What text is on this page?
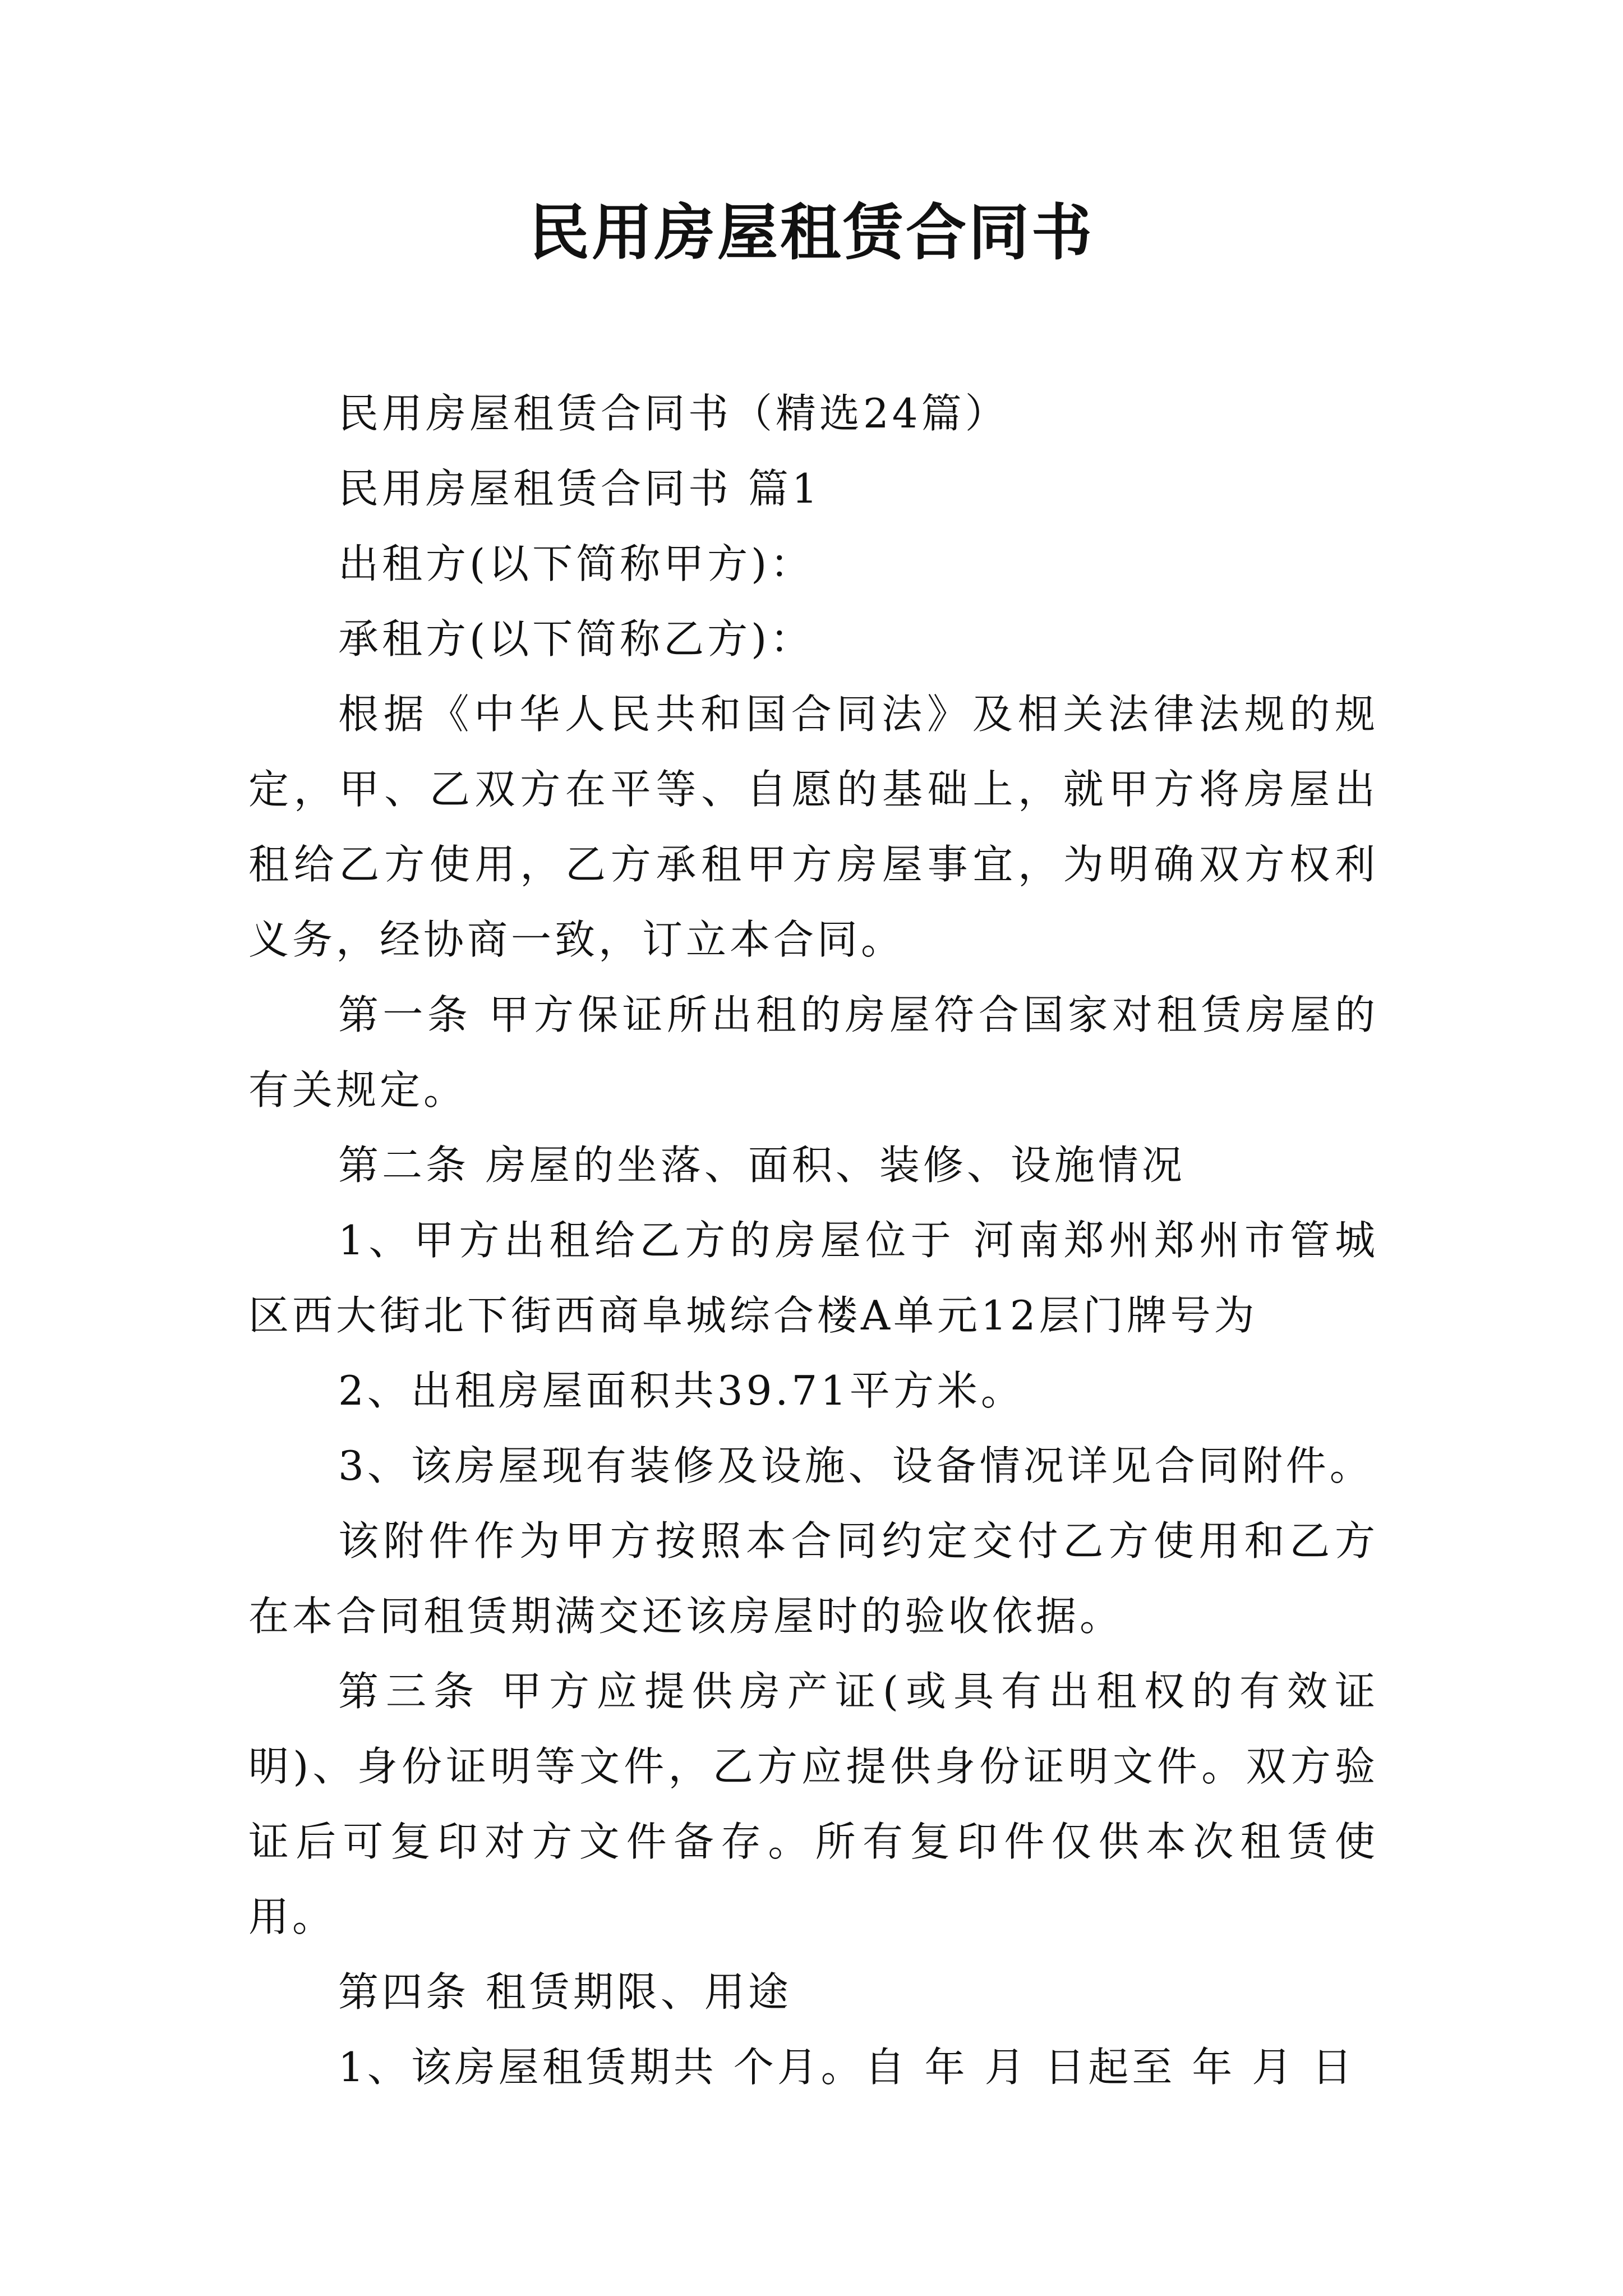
民用房屋租赁合同书

民用房屋租赁合同书（精选24篇）

民用房屋租赁合同书 篇1

出租方(以下简称甲方)：

承租方(以下简称乙方)：

根据《中华人民共和国合同法》及相关法律法规的规定，甲、乙双方在平等、自愿的基础上，就甲方将房屋出租给乙方使用，乙方承租甲方房屋事宜，为明确双方权利义务，经协商一致，订立本合同。

第一条 甲方保证所出租的房屋符合国家对租赁房屋的有关规定。

第二条 房屋的坐落、面积、装修、设施情况

1、甲方出租给乙方的房屋位于 河南郑州郑州市管城区西大街北下街西商阜城综合楼A单元12层门牌号为

2、出租房屋面积共39.71平方米。

3、该房屋现有装修及设施、设备情况详见合同附件。

该附件作为甲方按照本合同约定交付乙方使用和乙方在本合同租赁期满交还该房屋时的验收依据。

第三条 甲方应提供房产证(或具有出租权的有效证明)、身份证明等文件，乙方应提供身份证明文件。双方验证后可复印对方文件备存。所有复印件仅供本次租赁使用。

第四条 租赁期限、用途

1、该房屋租赁期共 个月。自 年 月 日起至 年 月 日
